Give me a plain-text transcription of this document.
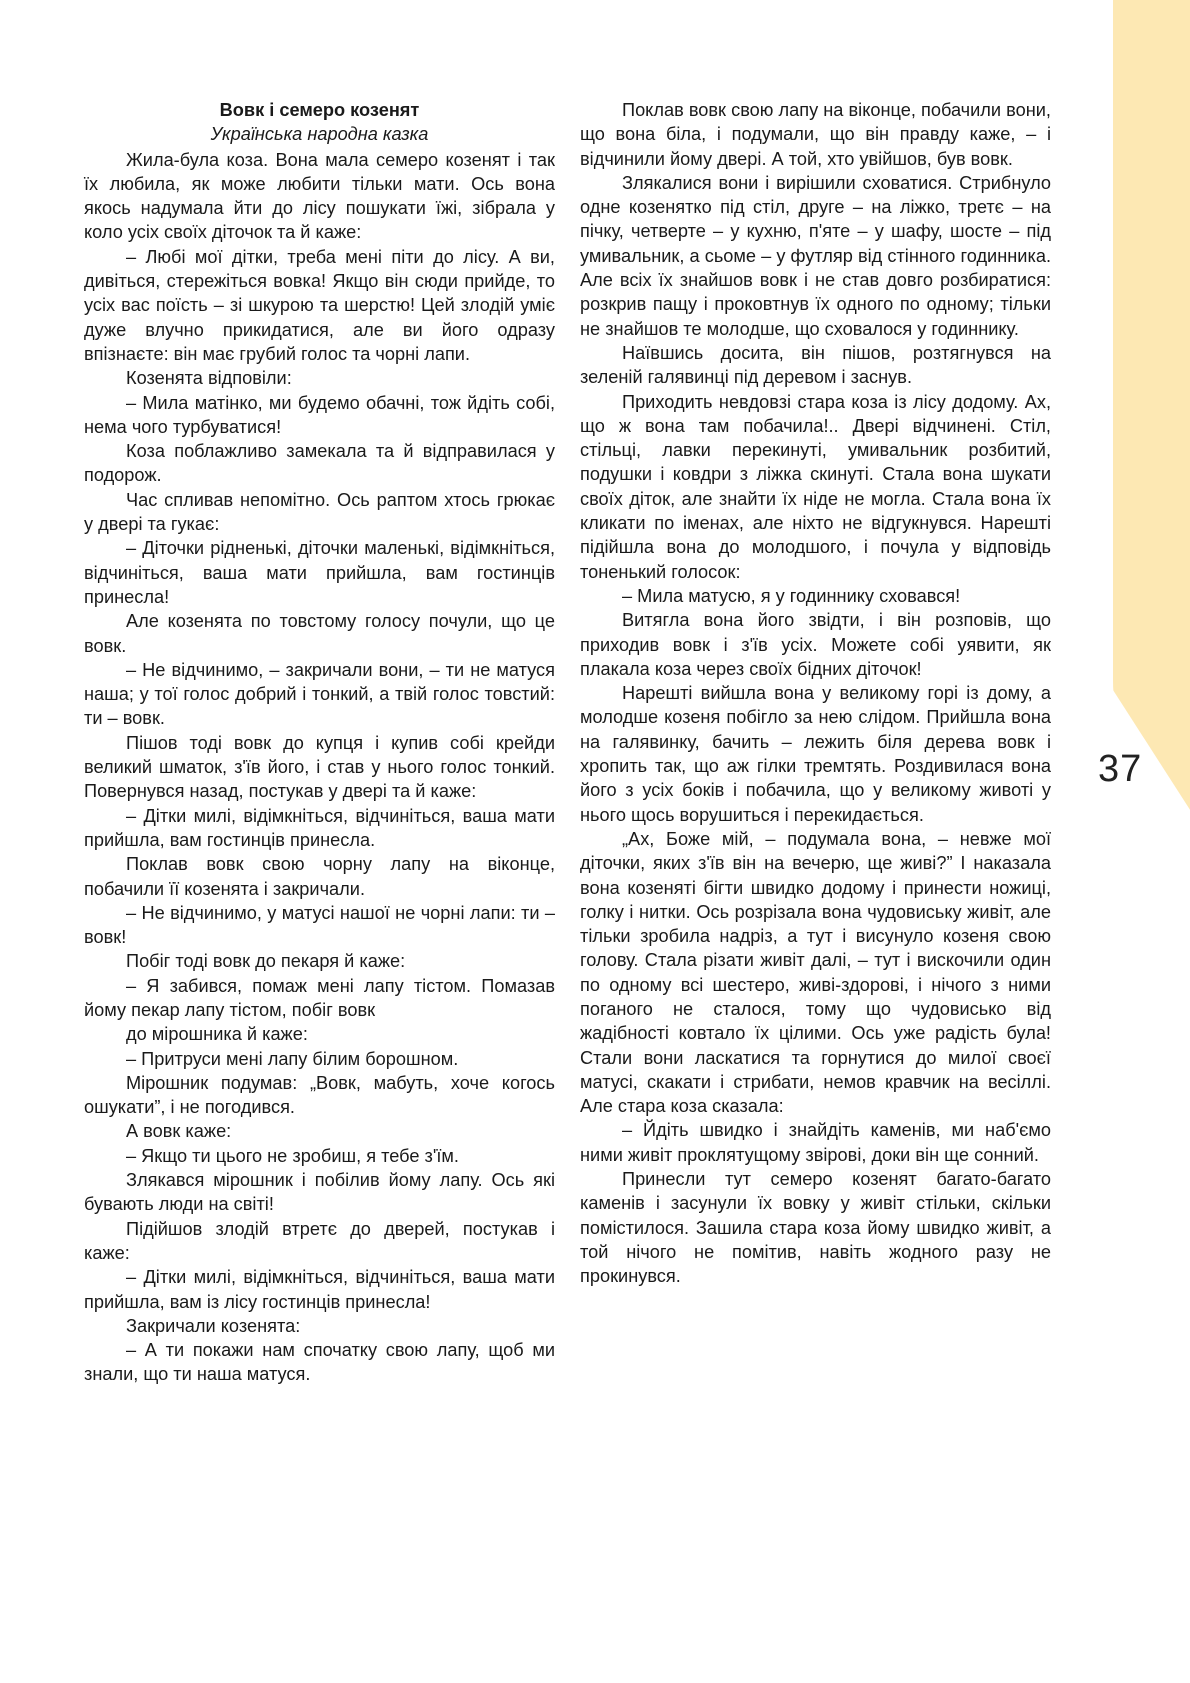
37
Вовк і семеро козенят
Українська народна казка

Жила-була коза. Вона мала семеро козенят і так їх любила, як може любити тільки мати. Ось вона якось надумала йти до лісу пошукати їжі, зібрала у коло усіх своїх діточок та й каже:

– Любі мої дітки, треба мені піти до лісу. А ви, дивіться, стережіться вовка! Якщо він сюди прийде, то усіх вас поїсть – зі шкурою та шерстю! Цей злодій уміє дуже влучно прикидатися, але ви його одразу впізнаєте: він має грубий голос та чорні лапи.

Козенята відповіли:

– Мила матінко, ми будемо обачні, тож йдіть собі, нема чого турбуватися!

Коза поблажливо замекала та й відправилася у подорож.

Час спливав непомітно. Ось раптом хтось грюкає у двері та гукає:

– Діточки рідненькі, діточки маленькі, відімкніться, відчиніться, ваша мати прийшла, вам гостинців принесла!

Але козенята по товстому голосу почули, що це вовк.

– Не відчинимо, – закричали вони, – ти не матуся наша; у тої голос добрий і тонкий, а твій голос товстий: ти – вовк.

Пішов тоді вовк до купця і купив собі крейди великий шматок, з'їв його, і став у нього голос тонкий. Повернувся назад, постукав у двері та й каже:

– Дітки милі, відімкніться, відчиніться, ваша мати прийшла, вам гостинців принесла.

Поклав вовк свою чорну лапу на віконце, побачили її козенята і закричали.

– Не відчинимо, у матусі нашої не чорні лапи: ти – вовк!

Побіг тоді вовк до пекаря й каже:

– Я забився, помаж мені лапу тістом. Помазав йому пекар лапу тістом, побіг вовк

до мірошника й каже:

– Притруси мені лапу білим борошном.

Мірошник подумав: „Вовк, мабуть, хоче когось ошукати”, і не погодився.

А вовк каже:

– Якщо ти цього не зробиш, я тебе з'їм.

Злякався мірошник і побілив йому лапу. Ось які бувають люди на світі!

Підійшов злодій втретє до дверей, постукав і каже:

– Дітки милі, відімкніться, відчиніться, ваша мати прийшла, вам із лісу гостинців принесла!

Закричали козенята:

– А ти покажи нам спочатку свою лапу, щоб ми знали, що ти наша матуся.

Поклав вовк свою лапу на віконце, побачили вони, що вона біла, і подумали, що він правду каже, – і відчинили йому двері. А той, хто увійшов, був вовк.

Злякалися вони і вирішили сховатися. Стрибнуло одне козенятко під стіл, друге – на ліжко, третє – на пічку, четверте – у кухню, п'яте – у шафу, шосте – під умивальник, а сьоме – у футляр від стінного годинника. Але всіх їх знайшов вовк і не став довго розбиратися: розкрив пащу і проковтнув їх одного по одному; тільки не знайшов те молодше, що сховалося у годиннику.

Наївшись досита, він пішов, розтягнувся на зеленій галявинці під деревом і заснув.

Приходить невдовзі стара коза із лісу додому. Ах, що ж вона там побачила!.. Двері відчинені. Стіл, стільці, лавки перекинуті, умивальник розбитий, подушки і ковдри з ліжка скинуті. Стала вона шукати своїх діток, але знайти їх ніде не могла. Стала вона їх кликати по іменах, але ніхто не відгукнувся. Нарешті підійшла вона до молодшого, і почула у відповідь тоненький голосок:

– Мила матусю, я у годиннику сховався!

Витягла вона його звідти, і він розповів, що приходив вовк і з'їв усіх. Можете собі уявити, як плакала коза через своїх бідних діточок!

Нарешті вийшла вона у великому горі із дому, а молодше козеня побігло за нею слідом. Прийшла вона на галявинку, бачить – лежить біля дерева вовк і хропить так, що аж гілки тремтять. Роздивилася вона його з усіх боків і побачила, що у великому животі у нього щось ворушиться і перекидається.

„Ах, Боже мій, – подумала вона, – невже мої діточки, яких з'їв він на вечерю, ще живі?” І наказала вона козеняті бігти швидко додому і принести ножиці, голку і нитки. Ось розрізала вона чудовиську живіт, але тільки зробила надріз, а тут і висунуло козеня свою голову. Стала різати живіт далі, – тут і вискочили один по одному всі шестеро, живі-здорові, і нічого з ними поганого не сталося, тому що чудовисько від жадібності ковтало їх цілими. Ось уже радість була! Стали вони ласкатися та горнутися до милої своєї матусі, скакати і стрибати, немов кравчик на весіллі. Але стара коза сказала:

– Йдіть швидко і знайдіть каменів, ми наб'ємо ними живіт проклятущому звірові, доки він ще сонний.

Принесли тут семеро козенят багато-багато каменів і засунули їх вовку у живіт стільки, скільки помістилося. Зашила стара коза йому швидко живіт, а той нічого не помітив, навіть жодного разу не прокинувся.
